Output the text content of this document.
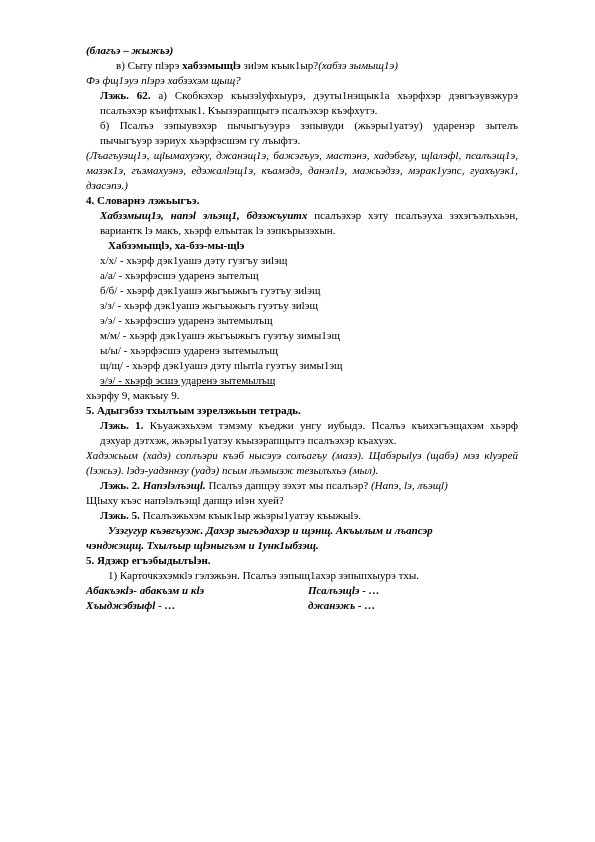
(благъэ – жыжьэ)
в) Сыту пlэрэ хабзэмыщlэ зиlэм къык1ыр?(хабзэ зымыщ1э)
Фэ фщ1эуэ пlэрэ хабзэхэм щыщ?
Лэжь. 62. а) Скобкэхэр къызэlуфхыурэ, дэуты1нэщык1а хьэрфхэр дэвгъэувэжурэ псалъэхэр къифтхык1. Къызэрапщытэ псалъэхэр къэфхутэ.
б) Псалъэ зэпыувэхэр пычыгъуэурэ зэпывуди (жьэры1уатэу) ударенэр зытелъ пычыгъуэр зэриух хьэрфэсшэм гу лъыфтэ.
(Лъагъуэщ1э, щlымахуэку, джанэщ1э, бажэгъуэ, мастэнэ, хадэбгъу, щlалэфl, псалъэщ1э, мазэк1э, гъэмахуэнэ, едэжалlэщ1э, къамэдэ, данэл1э, мажьэдзэ, мэрак1уэпс, гуахъуэк1, дзасэпэ.)
4. Словарнэ лэжьыгъэ.
Хабзэмыщ1э, напэl эльэщ1, бдзэжъуитх псалъэхэр хэту псалъэуха зэхэгъэлъхьэн, вариантк lэ макъ, хьэрф елъытак lэ зэпкърызэхын.
Хабзэмыщlэ, ха-бзэ-мы-щlэ
х/х/ - хьэрф дэк1уашэ дэту гузгъу зиlэщ
а/а/ - хьэрфэсшэ ударенэ зытелъщ
б/б/ - хьэрф дэк1уашэ жьгъыжьгъ гуэтъу зиlэщ
з/з/ - хьэрф дэк1уашэ жьгъыжьгъ гуэтъу зиlэщ
э/э/ - хьэрфэсшэ ударенэ зытемылъщ
м/м/ - хьэрф дэк1уашэ жьгъыжьгъ гуэтъу зимы1эщ
ы/ы/ - хьэрфэсшэ ударенэ зытемылъщ
щ/щ/ - хьэрф дэк1уашэ дэту пlытlа гуэтъу зимы1эщ
э/э/ - хьэрф эсшэ ударенэ зытемылъщ
хьэрфу 9, макъыу 9.
5. Адыгэбзэ тхылъым зэрелэжьын тетрадь.
Лэжь. 1. Къуажэхьхэм тэмэму къеджи унгу иубыдэ. Псалъэ къихэгъэщахэм хьэрф дэхуар дэтхэж, жьэры1уатэу къызэрапщытэ псалъэхэр къахуэх.
Хадэжьым (хадэ) соплъэри къэб нысэуэ солъагъу (мазэ). Щабэрыlуэ (щабэ) мэз кlуэрей (lэжьэ). lэдэ-уадзннзу (уадэ) псым лъэмыэж тезылъхьэ (мыл).
Лэжь. 2. Напэlэлъэщl. Псалъэ дапщэу зэхэт мы псалъэр? (Напэ, lэ, лъэщl)
Щlыху къэс напэlэлъэщl дапщэ иlэн хуей?
Лэжь. 5. Псалъэжьхэм къык1ыр жьэры1уатэу къыжыlэ.
Узэгугур къэвгъуэж. Дахэр зыгъэдахэр и щэнщ. Акъылым и лъапсэр
чэнджэщщ. Тхылъыр щlэныгъэм и 1унк1ыбзэщ.
5. Ядэжр егъэбыдылъlэн.
1) Карточкэхэмкlэ гэлэжьэн. Псалъэ зэпыщ1ахэр зэпыпхыурэ тхы.
Абакъэкlэ- абакъэм и кlэ	Псалъэщlэ - …
Хъыджэбзыфl - …	джанэжь - …
